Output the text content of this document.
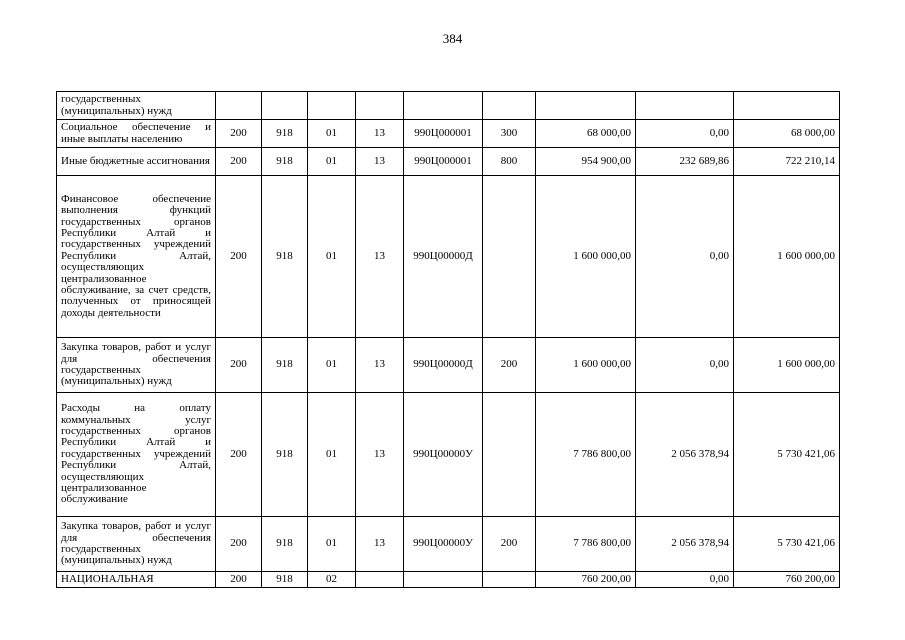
384
государственных (муниципальных) нужд									
Социальное обеспечение и иные выплаты населению	200	918	01	13	990Ц000001	300	68 000,00	0,00	68 000,00
Иные бюджетные ассигнования	200	918	01	13	990Ц000001	800	954 900,00	232 689,86	722 210,14
Финансовое обеспечение выполнения функций государственных органов Республики Алтай и государственных учреждений Республики Алтай, осуществляющих централизованное обслуживание, за счет средств, полученных от приносящей доходы деятельности	200	918	01	13	990Ц00000Д		1 600 000,00	0,00	1 600 000,00
Закупка товаров, работ и услуг для обеспечения государственных (муниципальных) нужд	200	918	01	13	990Ц00000Д	200	1 600 000,00	0,00	1 600 000,00
Расходы на оплату коммунальных услуг государственных органов Республики Алтай и государственных учреждений Республики Алтай, осуществляющих централизованное обслуживание	200	918	01	13	990Ц00000У		7 786 800,00	2 056 378,94	5 730 421,06
Закупка товаров, работ и услуг для обеспечения государственных (муниципальных) нужд	200	918	01	13	990Ц00000У	200	7 786 800,00	2 056 378,94	5 730 421,06
НАЦИОНАЛЬНАЯ	200	918	02				760 200,00	0,00	760 200,00
